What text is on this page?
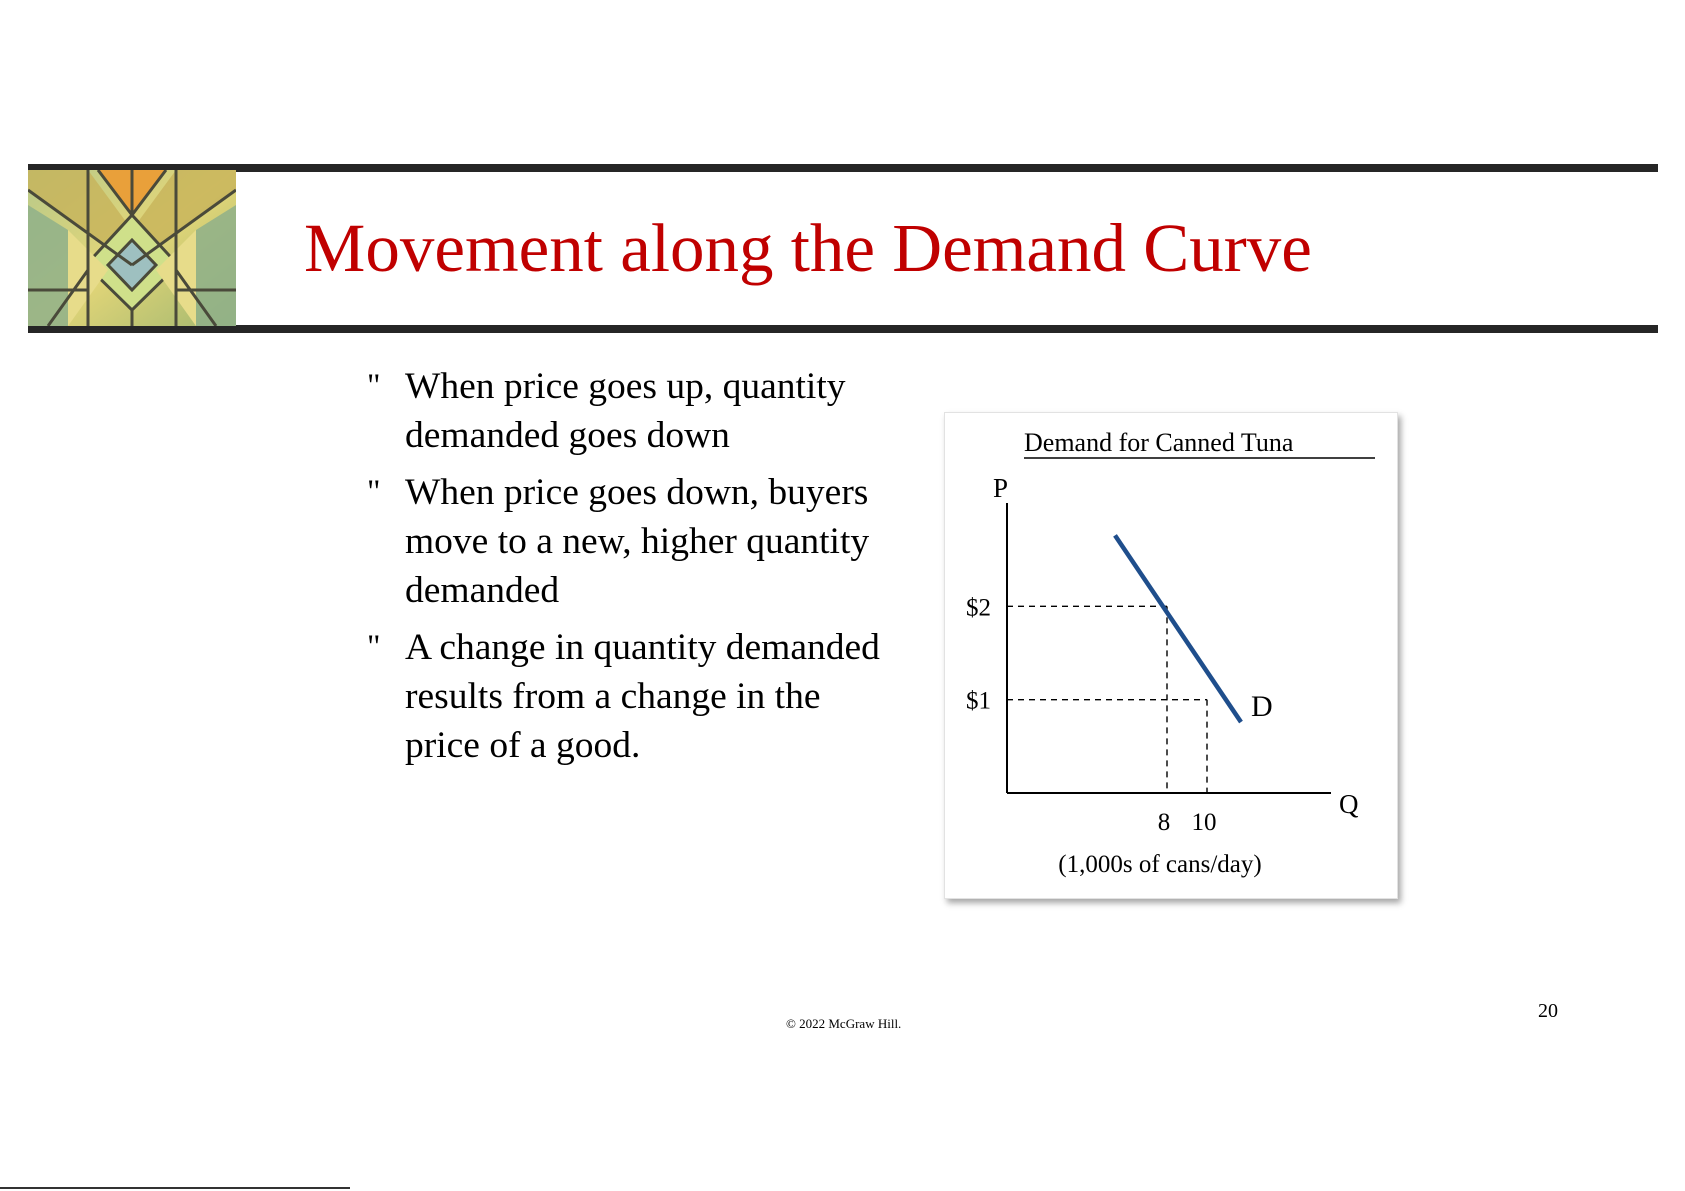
Movement along the Demand Curve
" When price goes up, quantity demanded goes down
" When price goes down, buyers move to a new, higher quantity demanded
" A change in quantity demanded results from a change in the price of a good.
Demand for Canned Tuna
P
Q
(1,000s of cans/day)
$2
$1
8 10
D
© 2022 McGraw Hill.
20
